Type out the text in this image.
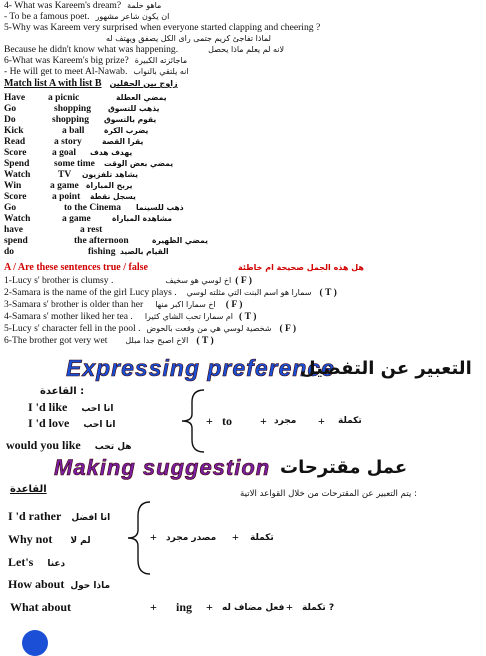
4- What was Kareem's dream? ماهو حلمة
- To be a famous poet. ان يكون شاعر مشهور
5-Why was Kareem very surprised when everyone started clapping and cheering ?
لماذا تفاجئ كريم جتمى راى الكل يصفق ويهتف له
Because he didn't know what was happening.	لانه لم يعلم ماذا يحصل
6-What was Kareem's big prize? ماجائزته الكبيرة
- He will get to meet Al-Nawab. انه يلتقي بالنواب
Match list A with list B زاوج بين الحقلين
Have a picnic	يمضي العطلة
Go	shopping يذهب للتسوق
Do	shopping يقوم بالتسوق
Kick	a ball	يضرب الكرة
Read	a story	يقرا القصة
Score	a goal يهدف هدف
Spend	some time يمضي بعض الوقت
Watch	TV يشاهد تلفزيون
Win	a game يربح المباراة
Score	a point يسجل نقطة
Go	to the Cinema ذهب للسينما
Watch	a game	مشاهدة المباراة
have	a rest
spend	the afternoon	يمضي الظهيرة
do	fishing القيام بالصيد
A / Are these sentences true / false	هل هذه الجمل صحيحة ام خاطئة
1-Lucy s' brother is clumsy .	اخ لوسي هو سخيف ( F )
2-Samara is the name of the girl Lucy plays . سمارا هو اسم البنت التي مثلته لوسي ( T )
3-Samara s' brother is older than her اخ سمارا اكبر منها ( F )
4-Samara s' mother liked her tea . ام سمارا تحب الشاي كثيرا ( T )
5-Lucy s' character fell in the pool . شخصية لوسي هي من وقعت بالحوض ( F )
6-The brother got very wet الاخ اصبح جدا مبلل ( T )
Expressing preference
التعبير عن التفضيل
القاعدة :
I 'd like انا احب
I 'd love انا احب
would you like هل تحب
+ to + مجرد + تكملة
Making suggestion عمل مقترحات
القاعدة	يتم التعبير عن المقترحات من خلال القواعد الاتية :
I 'd rather انا افضل
Why not لم لا
Let's دعنا
How about ماذا حول
What about
+ مصدر مجرد + تكملة
+ ing + فعل مضاف له + تكملة ?
